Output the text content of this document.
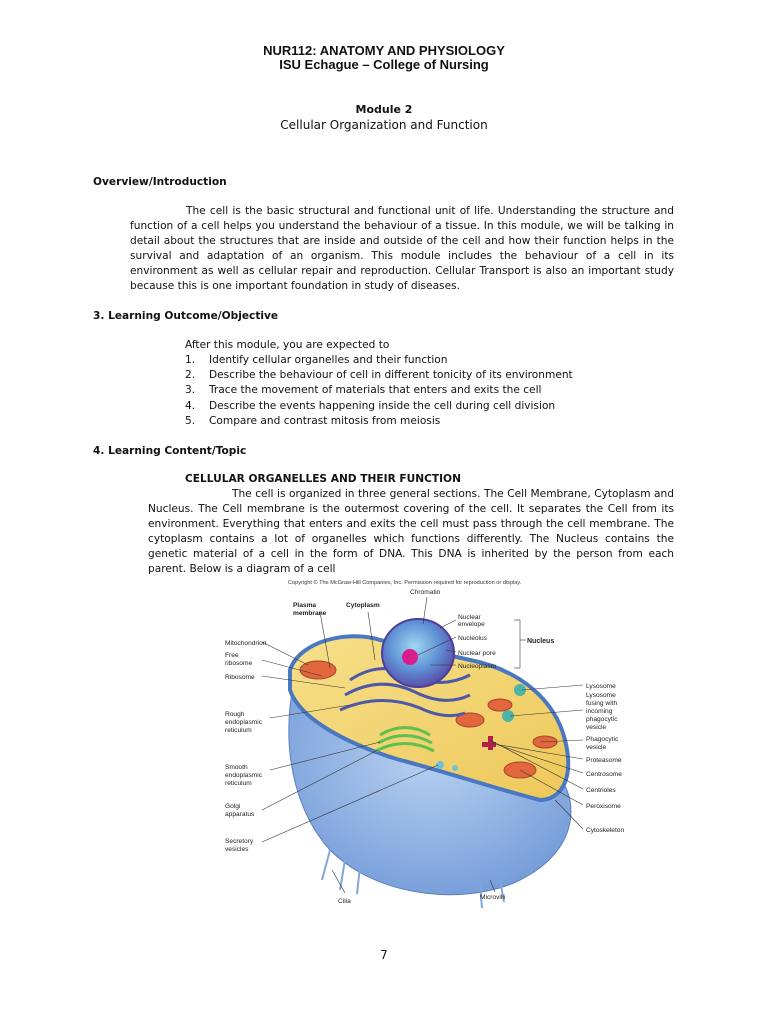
NUR112: ANATOMY AND PHYSIOLOGY
ISU Echague – College of Nursing
Module 2
Cellular Organization and Function
Overview/Introduction
The cell is the basic structural and functional unit of life. Understanding the structure and function of a cell helps you understand the behaviour of a tissue. In this module, we will be talking in detail about the structures that are inside and outside of the cell and how their function helps in the survival and adaptation of an organism. This module includes the behaviour of a cell in its environment as well as cellular repair and reproduction. Cellular Transport is also an important study because this is one important foundation in study of diseases.
3. Learning Outcome/Objective
After this module, you are expected to
1. Identify cellular organelles and their function
2. Describe the behaviour of cell in different tonicity of its environment
3. Trace the movement of materials that enters and exits the cell
4. Describe the events happening inside the cell during cell division
5. Compare and contrast mitosis from meiosis
4. Learning Content/Topic
CELLULAR ORGANELLES AND THEIR FUNCTION
The cell is organized in three general sections. The Cell Membrane, Cytoplasm and Nucleus. The Cell membrane is the outermost covering of the cell. It separates the Cell from its environment. Everything that enters and exits the cell must pass through the cell membrane. The cytoplasm contains a lot of organelles which functions differently. The Nucleus contains the genetic material of a cell in the form of DNA. This DNA is inherited by the person from each parent. Below is a diagram of a cell
Copyright © The McGraw-Hill Companies, Inc. Permission required for reproduction or display.
Chromatin
Plasma
membrane
Cytoplasm
Nuclear
envelope
Nucleolus	Nucleus
Nuclear pore
Nucleoplasm
Mitochondrion
Free
ribosome
Ribosome
Rough
endoplasmic
reticulum
Smooth
endoplasmic
reticulum
Golgi
apparatus
Secretory
vesicles
Cilia
Microvilli
Lysosome
Lysosome
fusing with
incoming
phagocytic
vesicle
Phagocytic
vesicle
Proteasome
Centrosome
Centrioles
Peroxisome
Cytoskeleton
7
